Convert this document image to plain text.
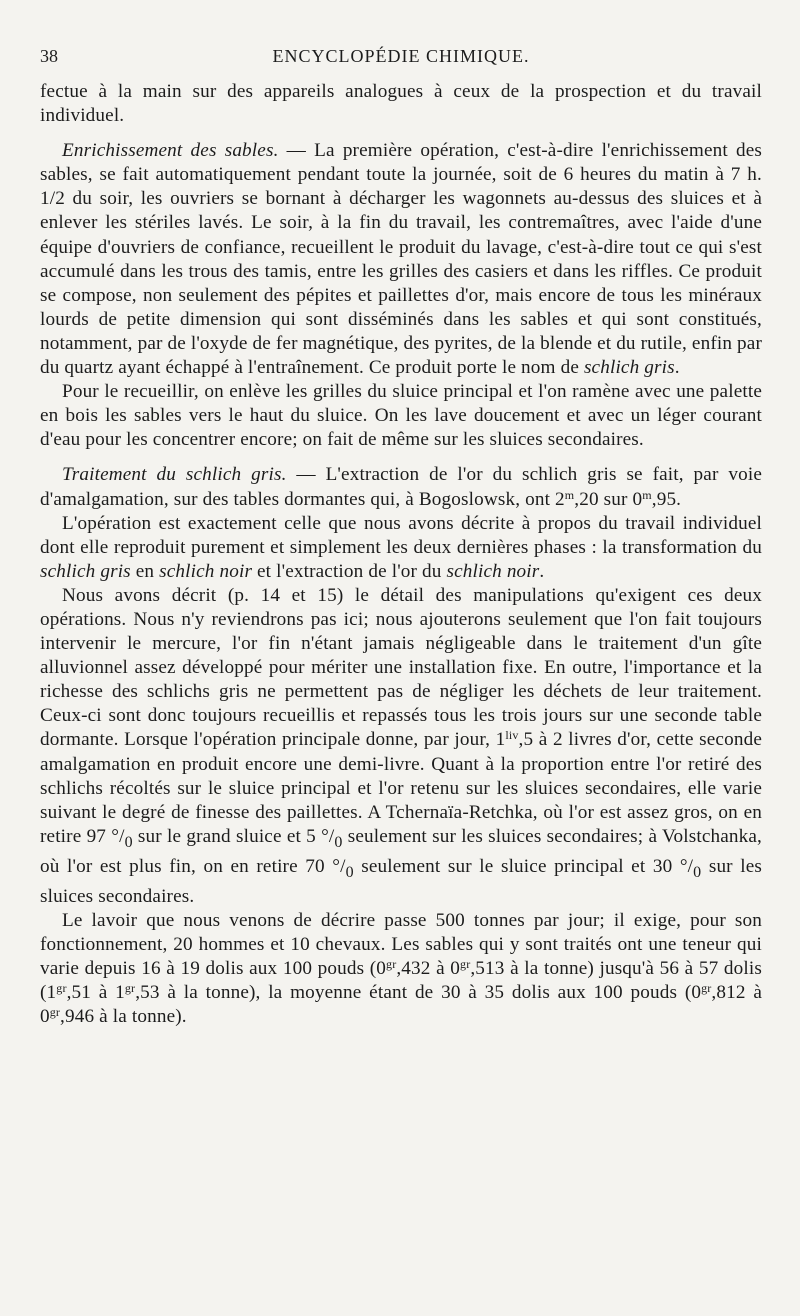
38	ENCYCLOPÉDIE CHIMIQUE.

fectue à la main sur des appareils analogues à ceux de la prospection et du travail individuel.

Enrichissement des sables. — La première opération, c'est-à-dire l'enrichissement des sables, se fait automatiquement pendant toute la journée, soit de 6 heures du matin à 7 h. 1/2 du soir, les ouvriers se bornant à décharger les wagonnets au-dessus des sluices et à enlever les stériles lavés. Le soir, à la fin du travail, les contremaîtres, avec l'aide d'une équipe d'ouvriers de confiance, recueillent le produit du lavage, c'est-à-dire tout ce qui s'est accumulé dans les trous des tamis, entre les grilles des casiers et dans les riffles. Ce produit se compose, non seulement des pépites et paillettes d'or, mais encore de tous les minéraux lourds de petite dimension qui sont disséminés dans les sables et qui sont constitués, notamment, par de l'oxyde de fer magnétique, des pyrites, de la blende et du rutile, enfin par du quartz ayant échappé à l'entraînement. Ce produit porte le nom de schlich gris.

Pour le recueillir, on enlève les grilles du sluice principal et l'on ramène avec une palette en bois les sables vers le haut du sluice. On les lave doucement et avec un léger courant d'eau pour les concentrer encore; on fait de même sur les sluices secondaires.

Traitement du schlich gris. — L'extraction de l'or du schlich gris se fait, par voie d'amalgamation, sur des tables dormantes qui, à Bogoslowsk, ont 2$^m$,20 sur 0$^m$,95.

L'opération est exactement celle que nous avons décrite à propos du travail individuel dont elle reproduit purement et simplement les deux dernières phases : la transformation du schlich gris en schlich noir et l'extraction de l'or du schlich noir.

Nous avons décrit (p. 14 et 15) le détail des manipulations qu'exigent ces deux opérations. Nous n'y reviendrons pas ici; nous ajouterons seulement que l'on fait toujours intervenir le mercure, l'or fin n'étant jamais négligeable dans le traitement d'un gîte alluvionnel assez développé pour mériter une installation fixe. En outre, l'importance et la richesse des schlichs gris ne permettent pas de négliger les déchets de leur traitement. Ceux-ci sont donc toujours recueillis et repassés tous les trois jours sur une seconde table dormante. Lorsque l'opération principale donne, par jour, $1^{liv},5$ à 2 livres d'or, cette seconde amalgamation en produit encore une demi-livre. Quant à la proportion entre l'or retiré des schlichs récoltés sur le sluice principal et l'or retenu sur les sluices secondaires, elle varie suivant le degré de finesse des paillettes. A Tchernaïa-Retchka, où l'or est assez gros, on en retire 97 $^\circ/_0$ sur le grand sluice et 5 $^\circ/_0$ seulement sur les sluices secondaires; à Volstchanka, où l'or est plus fin, on en retire 70 $^\circ/_0$ seulement sur le sluice principal et 30 $^\circ/_0$ sur les sluices secondaires.

Le lavoir que nous venons de décrire passe 500 tonnes par jour; il exige, pour son fonctionnement, 20 hommes et 10 chevaux. Les sables qui y sont traités ont une teneur qui varie depuis 16 à 19 dolis aux 100 pouds ($0^{gr},432$ à $0^{gr},513$ à la tonne) jusqu'à 56 à 57 dolis ($1^{gr},51$ à $1^{gr},53$ à la tonne), la moyenne étant de 30 à 35 dolis aux 100 pouds ($0^{gr},812$ à $0^{gr},946$ à la tonne).
